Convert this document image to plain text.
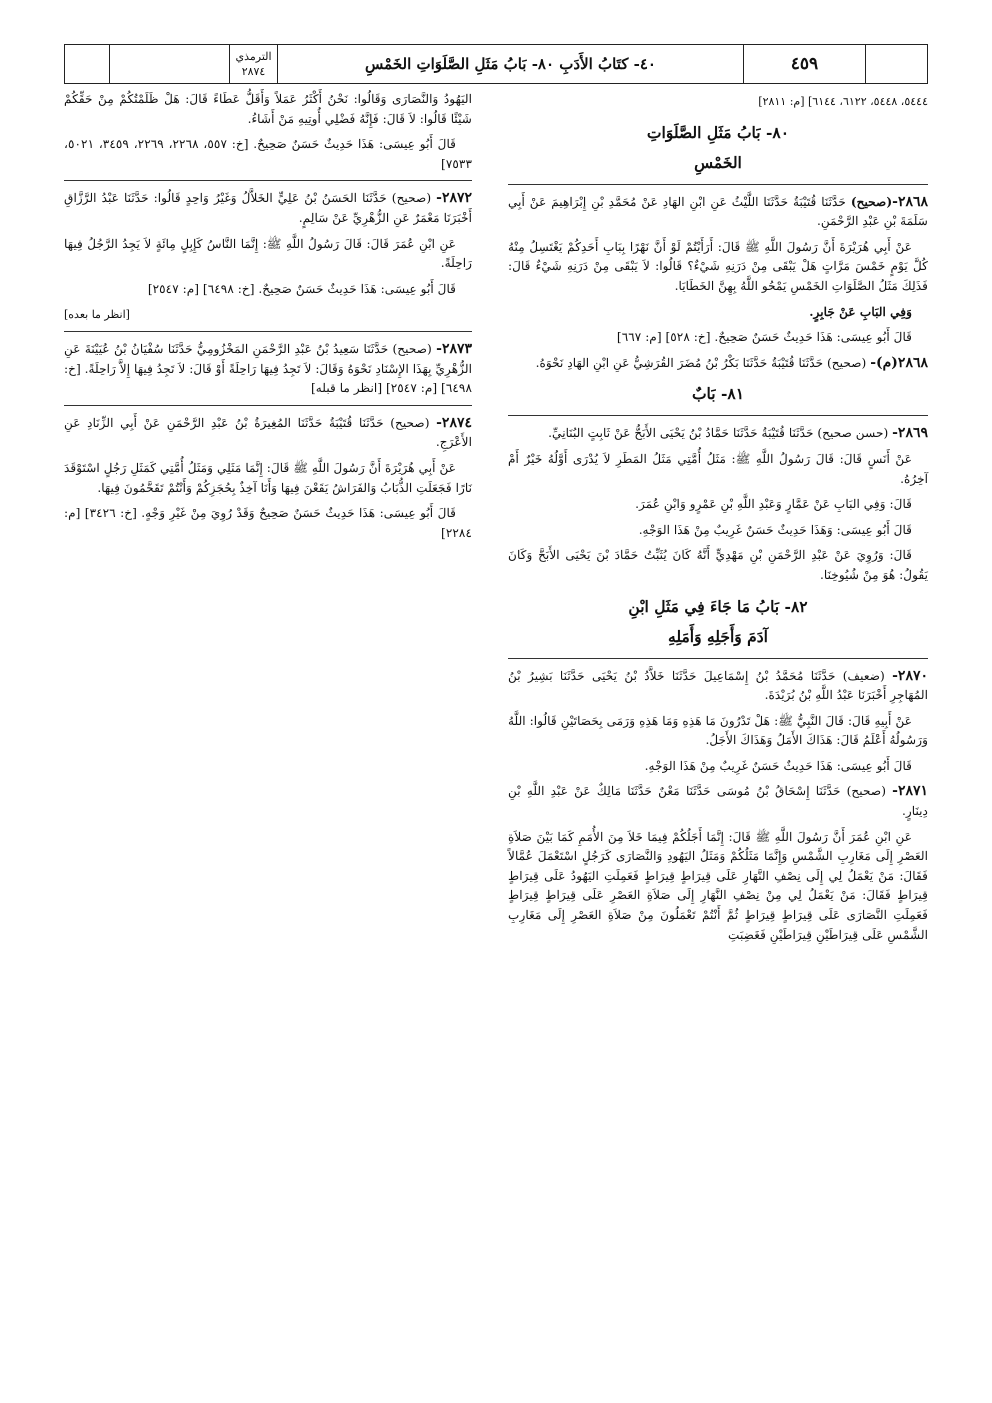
٤٥٩
٤٠- كتَابُ الأَدَبِ ٨٠- بَابُ مَثَلِ الصَّلَوَاتِ الخَمْسِ
الترمذي
٢٨٧٤

٥٤٤٤، ٥٤٤٨، ٦١٢٢، ٦١٤٤] [م: ٢٨١١]

٨٠- بَابُ مَثَلِ الصَّلَوَاتِ
الخَمْسِ

٢٨٦٨-(صحيح) حَدَّثَنَا قُتَيْبَةُ حَدَّثَنَا اللَّيْثُ عَنِ ابْنِ الهَادِ عَنْ مُحَمَّدِ بْنِ إِبْرَاهِيمَ عَنْ أَبِي سَلَمَةَ بْنِ عَبْدِ الرَّحْمَنِ.

عَنْ أَبِي هُرَيْرَةَ أَنَّ رَسُولَ اللَّهِ ﷺ قَالَ: أَرَأَيْتُمْ لَوْ أَنَّ نَهْرًا بِبَابِ أَحَدِكُمْ يَغْتَسِلُ مِنْهُ كُلَّ يَوْمٍ خَمْسَ مَرَّاتٍ هَلْ يَبْقَى مِنْ دَرَنِهِ شَيْءٌ؟ قَالُوا: لاَ يَبْقَى مِنْ دَرَنِهِ شَيْءٌ قَالَ: فَذَلِكَ مَثَلُ الصَّلَوَاتِ الخَمْسِ يَمْحُو اللَّهُ بِهِنَّ الخَطَايَا.

وَفِي البَابِ عَنْ جَابِرٍ.

قَالَ أَبُو عِيسَى: هَذَا حَدِيثٌ حَسَنٌ صَحِيحٌ. [خ: ٥٢٨] [م: ٦٦٧]

٢٨٦٨(م)- (صحيح) حَدَّثَنَا قُتَيْبَةُ حَدَّثَنَا بَكْرُ بْنُ مُضَرَ القُرَشِيُّ عَنِ ابْنِ الهَادِ نَحْوَهُ.

٨١- بَابٌ

٢٨٦٩- (حسن صحيح) حَدَّثَنَا قُتَيْبَةُ حَدَّثَنَا حَمَّادُ بْنُ يَحْيَى الأَبَحُّ عَنْ ثَابِتٍ البُنَانِيِّ.

عَنْ أَنَسٍ قَالَ: قَالَ رَسُولُ اللَّهِ ﷺ: مَثَلُ أُمَّتِي مَثَلُ المَطَرِ لاَ يُدْرَى أَوَّلُهُ خَيْرٌ أَمْ آخِرُهُ.

قَالَ: وَفِي البَابِ عَنْ عَمَّارٍ وَعَبْدِ اللَّهِ بْنِ عَمْرٍو وَابْنِ عُمَرَ.

قَالَ أَبُو عِيسَى: وَهَذَا حَدِيثٌ حَسَنٌ غَرِيبٌ مِنْ هَذَا الوَجْهِ.

قَالَ: وَرُوِيَ عَنْ عَبْدِ الرَّحْمَنِ بْنِ مَهْدِيٍّ أَنَّهُ كَانَ يُثَبِّتُ حَمَّادَ بْنَ يَحْيَى الأَبَحَّ وَكَانَ يَقُولُ: هُوَ مِنْ شُيُوخِنَا.

٨٢- بَابُ مَا جَاءَ فِي مَثَلِ ابْنِ
آدَمَ وَأَجَلِهِ وَأَمَلِهِ

٢٨٧٠- (ضعيف) حَدَّثَنَا مُحَمَّدُ بْنُ إِسْمَاعِيلَ حَدَّثَنَا خَلاَّدُ بْنُ يَحْيَى حَدَّثَنَا بَشِيرُ بْنُ المُهَاجِرِ أَخْبَرَنَا عَبْدُ اللَّهِ بْنُ بُرَيْدَةَ.

عَنْ أَبِيهِ قَالَ: قَالَ النَّبِيُّ ﷺ: هَلْ تَدْرُونَ مَا هَذِهِ وَمَا هَذِهِ وَرَمَى بِحَصَاتَيْنِ قَالُوا: اللَّهُ وَرَسُولُهُ أَعْلَمُ قَالَ: هَذَاكَ الأَمَلُ وَهَذَاكَ الأَجَلُ.

قَالَ أَبُو عِيسَى: هَذَا حَدِيثٌ حَسَنٌ غَرِيبٌ مِنْ هَذَا الوَجْهِ.

٢٨٧١- (صحيح) حَدَّثَنَا إِسْحَاقُ بْنُ مُوسَى حَدَّثَنَا مَعْنٌ حَدَّثَنَا مَالِكٌ عَنْ عَبْدِ اللَّهِ بْنِ دِينَارٍ.

عَنِ ابْنِ عُمَرَ أَنَّ رَسُولَ اللَّهِ ﷺ قَالَ: إِنَّمَا أَجَلُكُمْ فِيمَا خَلاَ مِنَ الأُمَمِ كَمَا بَيْنَ صَلاَةِ العَصْرِ إِلَى مَغَارِبِ الشَّمْسِ وَإِنَّمَا مَثَلُكُمْ وَمَثَلُ اليَهُودِ وَالنَّصَارَى كَرَجُلٍ اسْتَعْمَلَ عُمَّالاً فَقَالَ: مَنْ يَعْمَلُ لِي إِلَى نِصْفِ النَّهَارِ عَلَى قِيرَاطٍ قِيرَاطٍ فَعَمِلَتِ اليَهُودُ عَلَى قِيرَاطٍ قِيرَاطٍ فَقَالَ: مَنْ يَعْمَلُ لِي مِنْ نِصْفِ النَّهَارِ إِلَى صَلاَةِ العَصْرِ عَلَى قِيرَاطٍ قِيرَاطٍ فَعَمِلَتِ النَّصَارَى عَلَى قِيرَاطٍ قِيرَاطٍ ثُمَّ أَنْتُمْ تَعْمَلُونَ مِنْ صَلاَةِ العَصْرِ إِلَى مَغَارِبِ الشَّمْسِ عَلَى قِيرَاطَيْنِ قِيرَاطَيْنِ فَغَضِبَتِ

اليَهُودُ وَالنَّصَارَى وَقَالُوا: نَحْنُ أَكْثَرُ عَمَلاً وَأَقَلُّ عَطَاءً قَالَ: هَلْ ظَلَمْتُكُمْ مِنْ حَقِّكُمْ شَيْئًا قَالُوا: لاَ قَالَ: فَإِنَّهُ فَضْلِي أُوتِيهِ مَنْ أَشَاءُ.

قَالَ أَبُو عِيسَى: هَذَا حَدِيثٌ حَسَنٌ صَحِيحٌ. [خ: ٥٥٧، ٢٢٦٨، ٢٢٦٩، ٣٤٥٩، ٥٠٢١، ٧٥٣٣]

٢٨٧٢- (صحيح) حَدَّثَنَا الحَسَنُ بْنُ عَلِيٍّ الخَلاَّلُ وَغَيْرُ وَاحِدٍ قَالُوا: حَدَّثَنَا عَبْدُ الرَّزَّاقِ أَخْبَرَنَا مَعْمَرٌ عَنِ الزُّهْرِيِّ عَنْ سَالِمٍ.

عَنِ ابْنِ عُمَرَ قَالَ: قَالَ رَسُولُ اللَّهِ ﷺ: إِنَّمَا النَّاسُ كَإِبِلٍ مِائَةٍ لاَ يَجِدُ الرَّجُلُ فِيهَا رَاحِلَةً.

قَالَ أَبُو عِيسَى: هَذَا حَدِيثٌ حَسَنٌ صَحِيحٌ. [خ: ٦٤٩٨] [م: ٢٥٤٧]

[انظر ما بعده]

٢٨٧٣- (صحيح) حَدَّثَنَا سَعِيدُ بْنُ عَبْدِ الرَّحْمَنِ المَخْزُومِيُّ حَدَّثَنَا سُفْيَانُ بْنُ عُيَيْنَةَ عَنِ الزُّهْرِيِّ بِهَذَا الإِسْنَادِ نَحْوَهُ وَقَالَ: لاَ تَجِدُ فِيهَا رَاحِلَةً أَوْ قَالَ: لاَ تَجِدُ فِيهَا إِلاَّ رَاحِلَةً. [خ: ٦٤٩٨] [م: ٢٥٤٧] [انظر ما قبله]

٢٨٧٤- (صحيح) حَدَّثَنَا قُتَيْبَةُ حَدَّثَنَا المُغِيرَةُ بْنُ عَبْدِ الرَّحْمَنِ عَنْ أَبِي الزِّنَادِ عَنِ الأَعْرَجِ.

عَنْ أَبِي هُرَيْرَةَ أَنَّ رَسُولَ اللَّهِ ﷺ قَالَ: إِنَّمَا مَثَلِي وَمَثَلُ أُمَّتِي كَمَثَلِ رَجُلٍ اسْتَوْقَدَ نَارًا فَجَعَلَتِ الذُّبَابُ وَالفَرَاشُ يَقَعْنَ فِيهَا وَأَنَا آخِذٌ بِحُجَزِكُمْ وَأَنْتُمْ تَقَحَّمُونَ فِيهَا.

قَالَ أَبُو عِيسَى: هَذَا حَدِيثٌ حَسَنٌ صَحِيحٌ وَقَدْ رُوِيَ مِنْ غَيْرِ وَجْهٍ. [خ: ٣٤٢٦] [م: ٢٢٨٤]
